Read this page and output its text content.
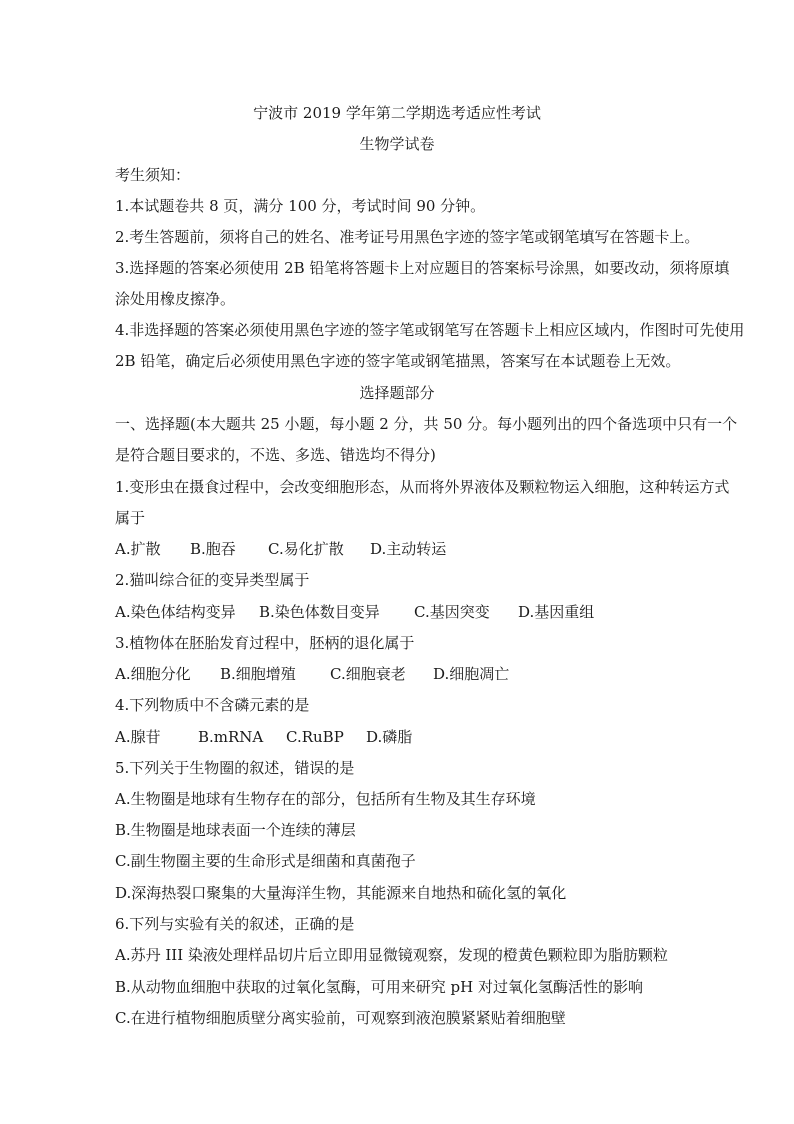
宁波市 2019 学年第二学期选考适应性考试
生物学试卷
考生须知：
1.本试题卷共 8 页，满分 100 分，考试时间 90 分钟。
2.考生答题前，须将自己的姓名、准考证号用黑色字迹的签字笔或钢笔填写在答题卡上。
3.选择题的答案必须使用 2B 铅笔将答题卡上对应题目的答案标号涂黑，如要改动，须将原填
涂处用橡皮擦净。
4.非选择题的答案必须使用黑色字迹的签字笔或钢笔写在答题卡上相应区域内，作图时可先使用
2B 铅笔，确定后必须使用黑色字迹的签字笔或钢笔描黑，答案写在本试题卷上无效。
选择题部分
一、选择题(本大题共 25 小题，每小题 2 分，共 50 分。每小题列出的四个备选项中只有一个
是符合题目要求的，不选、多选、错选均不得分)
1.变形虫在摄食过程中，会改变细胞形态，从而将外界液体及颗粒物运入细胞，这种转运方式
属于
A.扩散	B.胞吞	C.易化扩散	D.主动转运
2.猫叫综合征的变异类型属于
A.染色体结构变异	B.染色体数目变异	C.基因突变	D.基因重组
3.植物体在胚胎发育过程中，胚柄的退化属于
A.细胞分化	B.细胞增殖	C.细胞衰老	D.细胞凋亡
4.下列物质中不含磷元素的是
A.腺苷	B.mRNA	C.RuBP	D.磷脂
5.下列关于生物圈的叙述，错误的是
A.生物圈是地球有生物存在的部分，包括所有生物及其生存环境
B.生物圈是地球表面一个连续的薄层
C.副生物圈主要的生命形式是细菌和真菌孢子
D.深海热裂口聚集的大量海洋生物，其能源来自地热和硫化氢的氧化
6.下列与实验有关的叙述，正确的是
A.苏丹 III 染液处理样品切片后立即用显微镜观察，发现的橙黄色颗粒即为脂肪颗粒
B.从动物血细胞中获取的过氧化氢酶，可用来研究 pH 对过氧化氢酶活性的影响
C.在进行植物细胞质壁分离实验前，可观察到液泡膜紧紧贴着细胞壁
